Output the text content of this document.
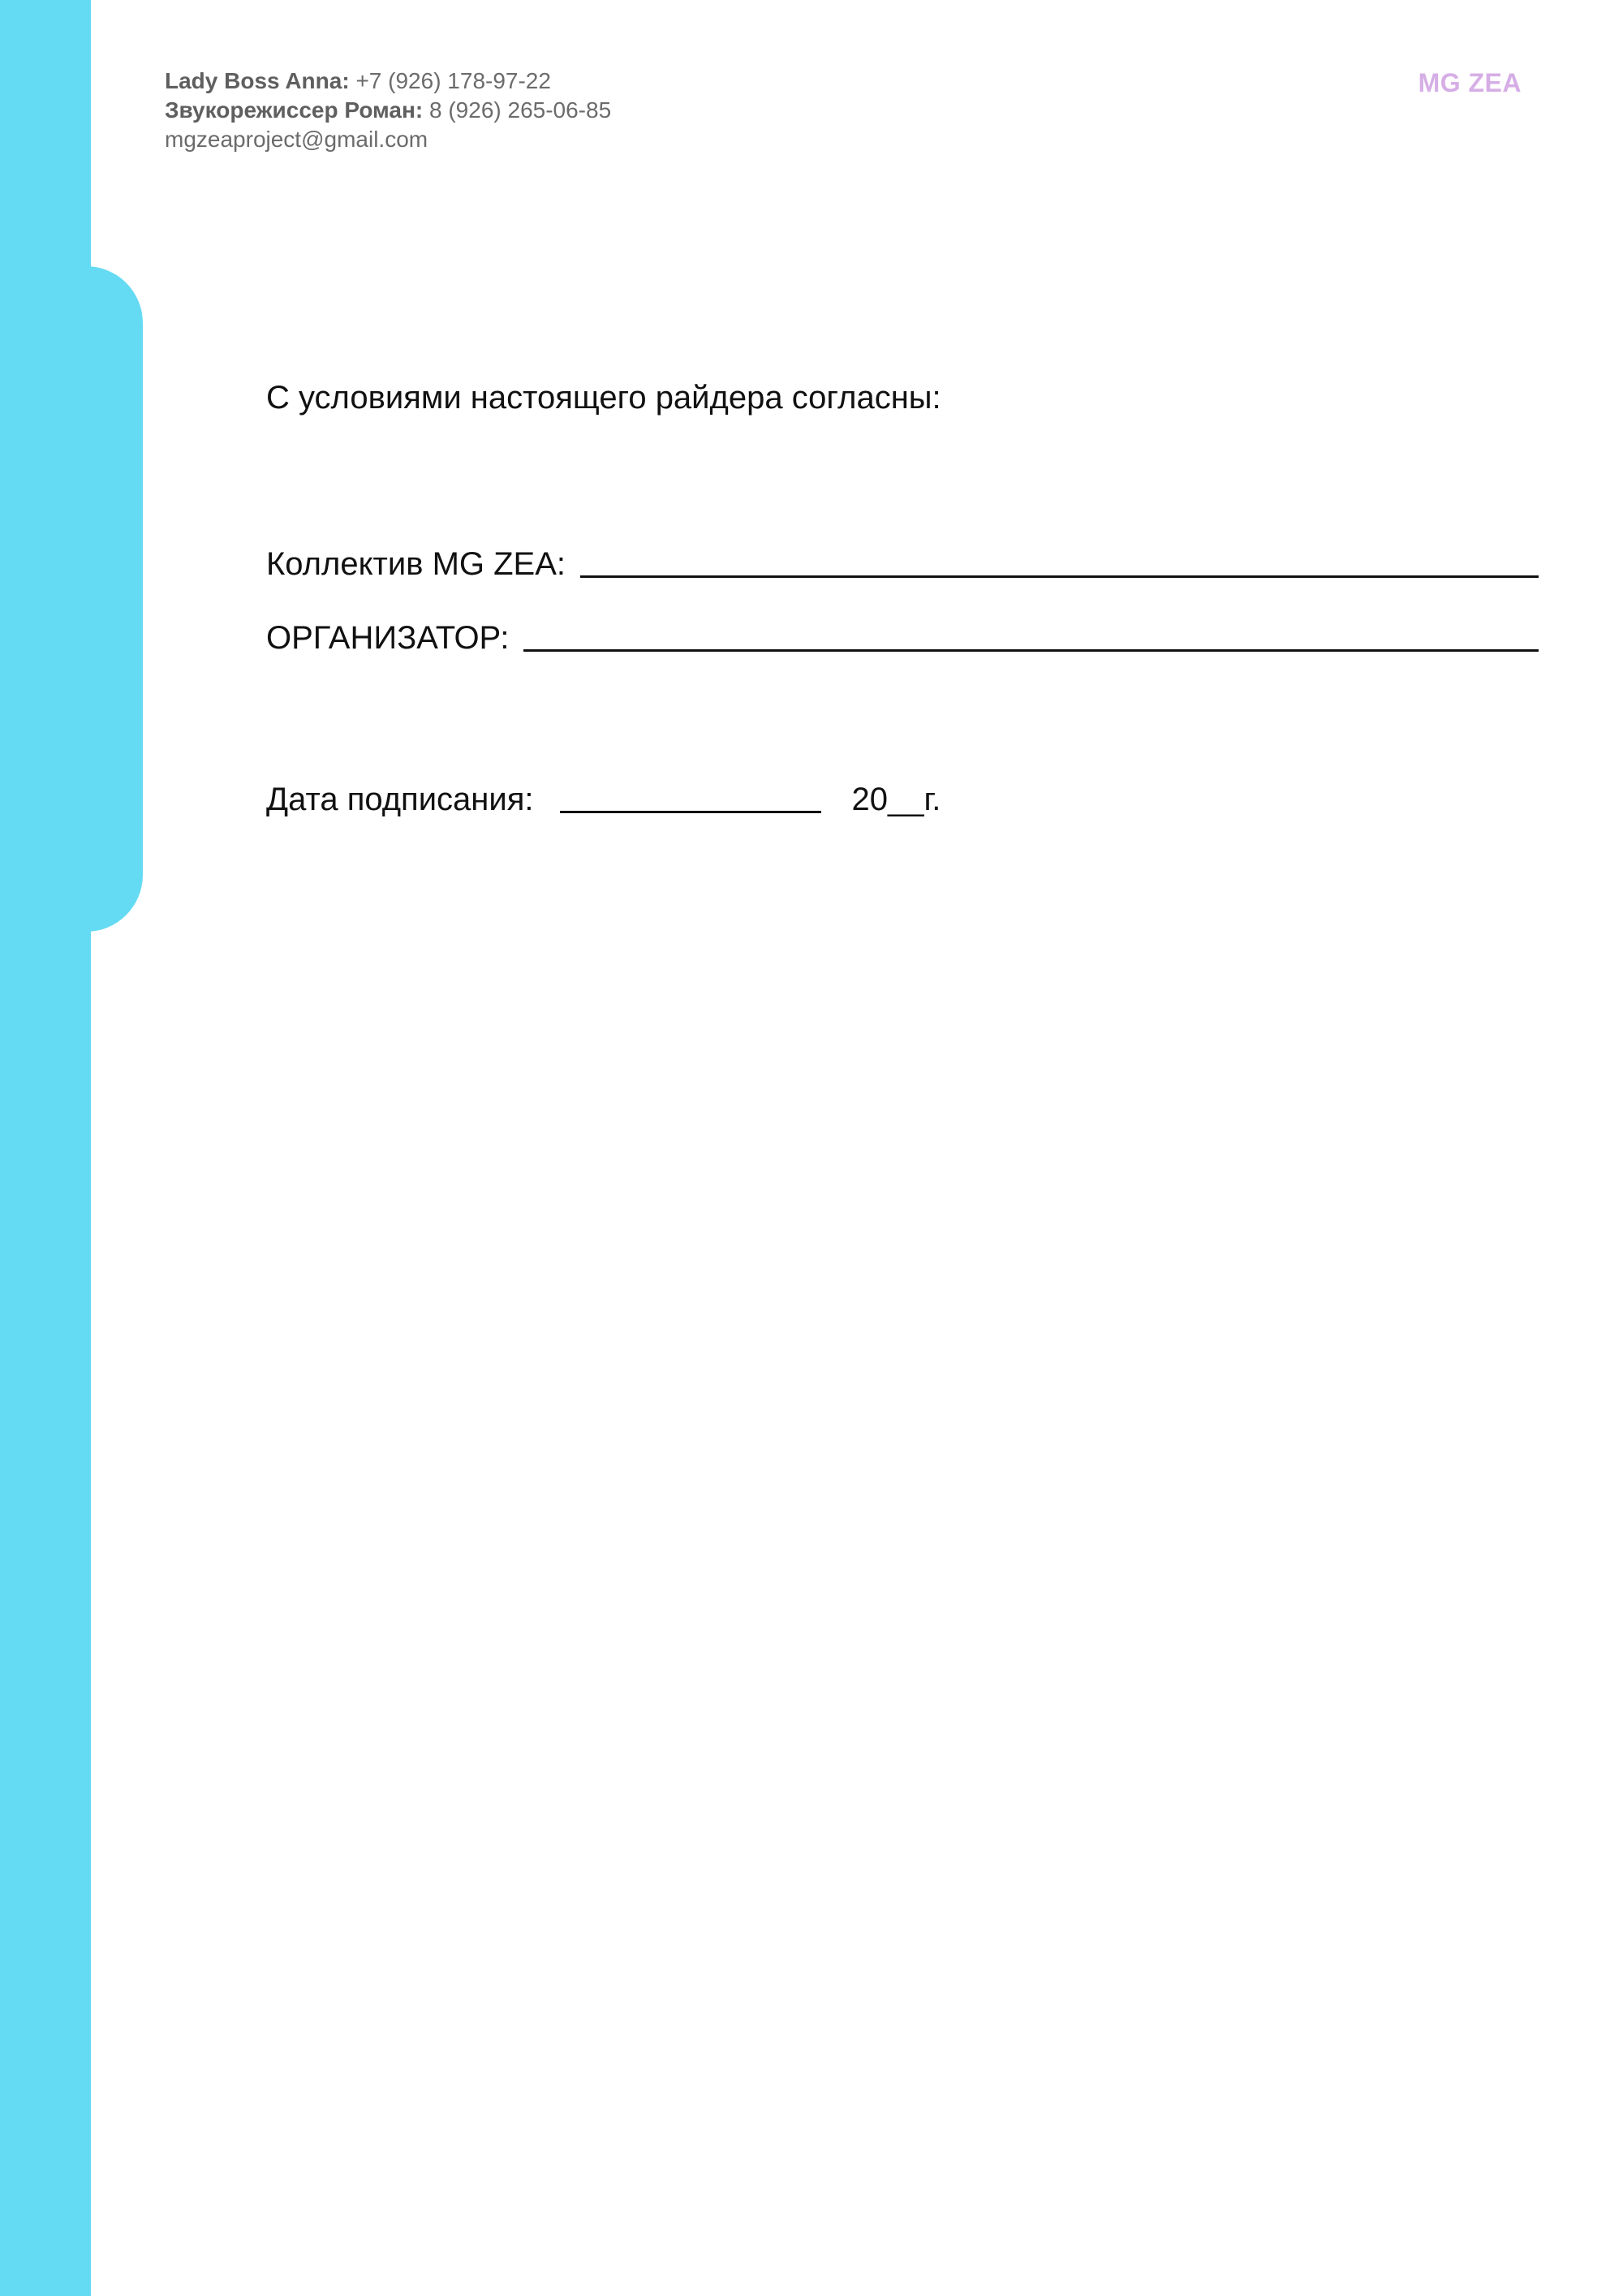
Lady Boss Anna: +7 (926) 178-97-22
Звукорежиссер Роман: 8 (926) 265-06-85
mgzeaproject@gmail.com
MG ZEA
С условиями настоящего райдера согласны:
Коллектив MG ZEA:
ОРГАНИЗАТОР:
Дата подписания:	20__г.
